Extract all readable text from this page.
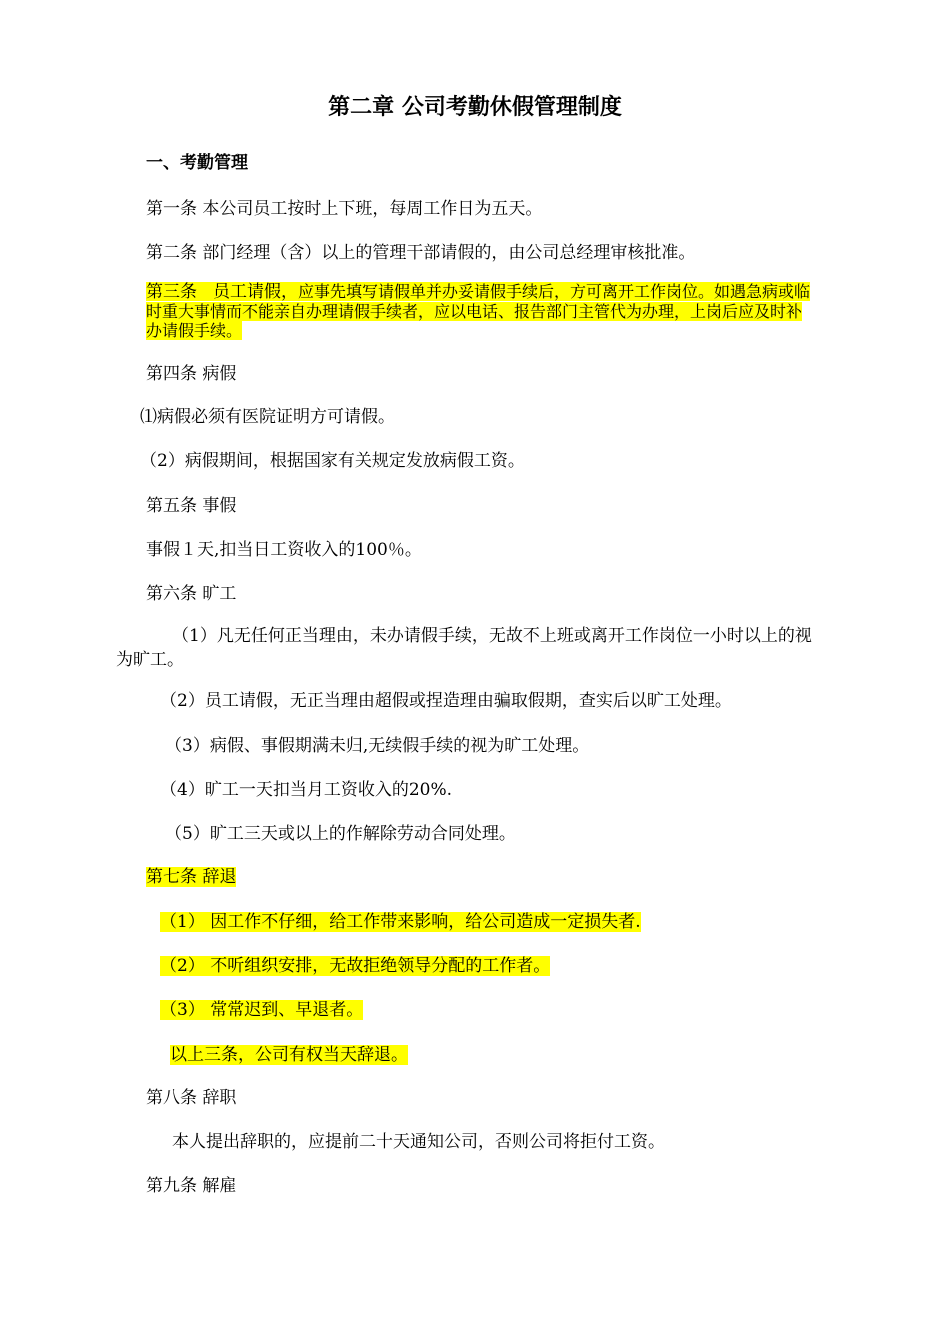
第二章 公司考勤休假管理制度
一、考勤管理
第一条 本公司员工按时上下班，每周工作日为五天。
第二条 部门经理（含）以上的管理干部请假的，由公司总经理审核批准。
第三条 员工请假，应事先填写请假单并办妥请假手续后，方可离开工作岗位。如遇急病或临时重大事情而不能亲自办理请假手续者，应以电话、报告部门主管代为办理，上岗后应及时补办请假手续。
第四条 病假
⑴病假必须有医院证明方可请假。
（2）病假期间，根据国家有关规定发放病假工资。
第五条 事假
事假１天,扣当日工资收入的100％。
第六条 旷工
（1）凡无任何正当理由，未办请假手续，无故不上班或离开工作岗位一小时以上的视为旷工。
（2）员工请假，无正当理由超假或捏造理由骗取假期，查实后以旷工处理。
（3）病假、事假期满未归,无续假手续的视为旷工处理。
（4）旷工一天扣当月工资收入的20%.
（5）旷工三天或以上的作解除劳动合同处理。
第七条 辞退
（1） 因工作不仔细，给工作带来影响，给公司造成一定损失者.
（2） 不听组织安排，无故拒绝领导分配的工作者。
（3） 常常迟到、早退者。
以上三条，公司有权当天辞退。
第八条 辞职
本人提出辞职的，应提前二十天通知公司，否则公司将拒付工资。
第九条 解雇
